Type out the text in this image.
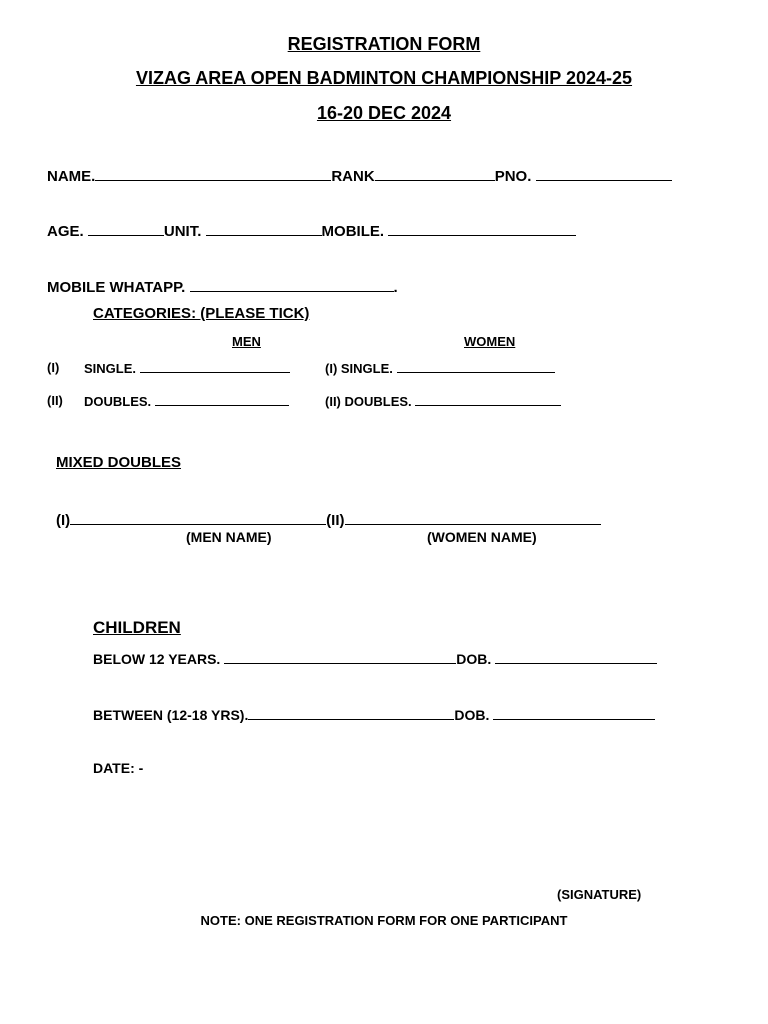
REGISTRATION FORM
VIZAG AREA OPEN BADMINTON CHAMPIONSHIP 2024-25
16-20 DEC 2024
NAME.	RANK	PNO.
AGE.	UNIT.	MOBILE.
MOBILE WHATAPP.	.
CATEGORIES: (PLEASE TICK)
MEN	WOMEN
(I) SINGLE.	(I) SINGLE.
(II) DOUBLES.	(II) DOUBLES.
MIXED DOUBLES
(I)	(II)
(MEN NAME)	(WOMEN NAME)
CHILDREN
BELOW 12 YEARS.	DOB.
BETWEEN (12-18 YRS).	DOB.
DATE: -
(SIGNATURE)
NOTE: ONE REGISTRATION FORM FOR ONE PARTICIPANT
